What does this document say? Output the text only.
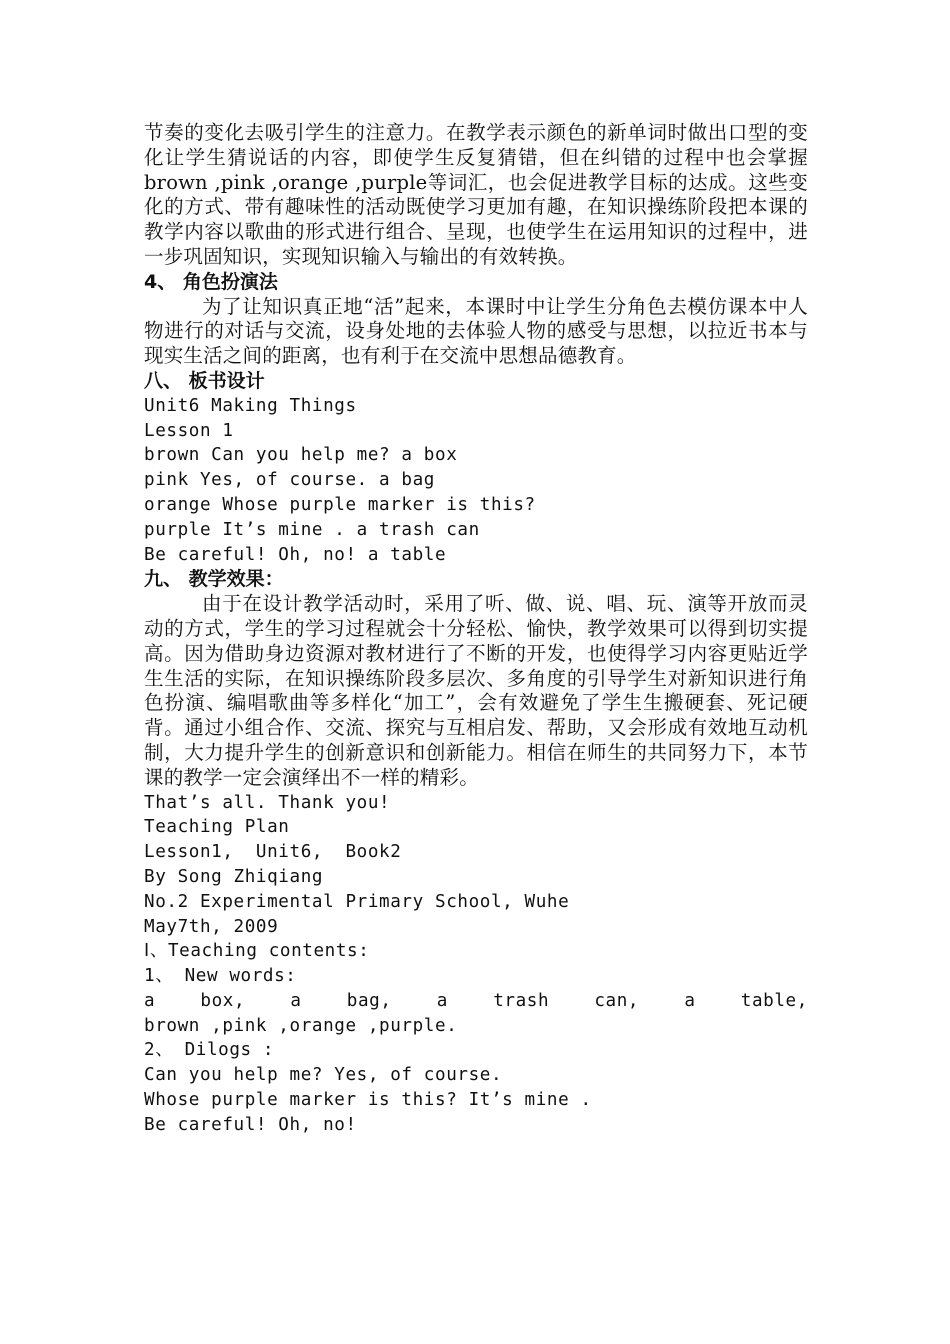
节奏的变化去吸引学生的注意力。在教学表示颜色的新单词时做出口型的变化让学生猜说话的内容，即使学生反复猜错，但在纠错的过程中也会掌握brown ,pink ,orange ,purple等词汇，也会促进教学目标的达成。这些变化的方式、带有趣味性的活动既使学习更加有趣，在知识操练阶段把本课的教学内容以歌曲的形式进行组合、呈现，也使学生在运用知识的过程中，进一步巩固知识，实现知识输入与输出的有效转换。

4、 角色扮演法

为了让知识真正地“活”起来，本课时中让学生分角色去模仿课本中人物进行的对话与交流，设身处地的去体验人物的感受与思想，以拉近书本与现实生活之间的距离，也有利于在交流中思想品德教育。

八、 板书设计

Unit6 Making Things

Lesson 1

brown Can you help me? a box

pink Yes, of course. a bag

orange Whose purple marker is this?

purple It’s mine . a trash can

Be careful! Oh, no! a table

九、 教学效果：

由于在设计教学活动时，采用了听、做、说、唱、玩、演等开放而灵动的方式，学生的学习过程就会十分轻松、愉快，教学效果可以得到切实提高。因为借助身边资源对教材进行了不断的开发，也使得学习内容更贴近学生生活的实际，在知识操练阶段多层次、多角度的引导学生对新知识进行角色扮演、编唱歌曲等多样化“加工”，会有效避免了学生生搬硬套、死记硬背。通过小组合作、交流、探究与互相启发、帮助，又会形成有效地互动机制，大力提升学生的创新意识和创新能力。相信在师生的共同努力下，本节课的教学一定会演绎出不一样的精彩。

That’s all. Thank you!

Teaching Plan

Lesson1,  Unit6,  Book2

By Song Zhiqiang

No.2 Experimental Primary School, Wuhe

May7th, 2009

Ⅰ、Teaching contents:

1、 New words:

a	box,	a	bag,	a	trash	can,	a	table,

brown ,pink ,orange ,purple.

2、 Dilogs :

Can you help me? Yes, of course.

Whose purple marker is this? It’s mine .

Be careful! Oh, no!
